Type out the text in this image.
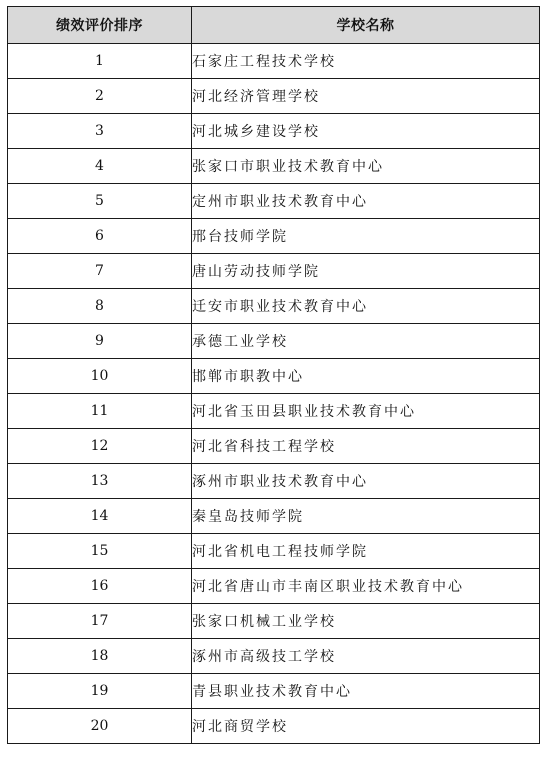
绩效评价排序	学校名称
1	石家庄工程技术学校
2	河北经济管理学校
3	河北城乡建设学校
4	张家口市职业技术教育中心
5	定州市职业技术教育中心
6	邢台技师学院
7	唐山劳动技师学院
8	迁安市职业技术教育中心
9	承德工业学校
10	邯郸市职教中心
11	河北省玉田县职业技术教育中心
12	河北省科技工程学校
13	涿州市职业技术教育中心
14	秦皇岛技师学院
15	河北省机电工程技师学院
16	河北省唐山市丰南区职业技术教育中心
17	张家口机械工业学校
18	涿州市高级技工学校
19	青县职业技术教育中心
20	河北商贸学校
